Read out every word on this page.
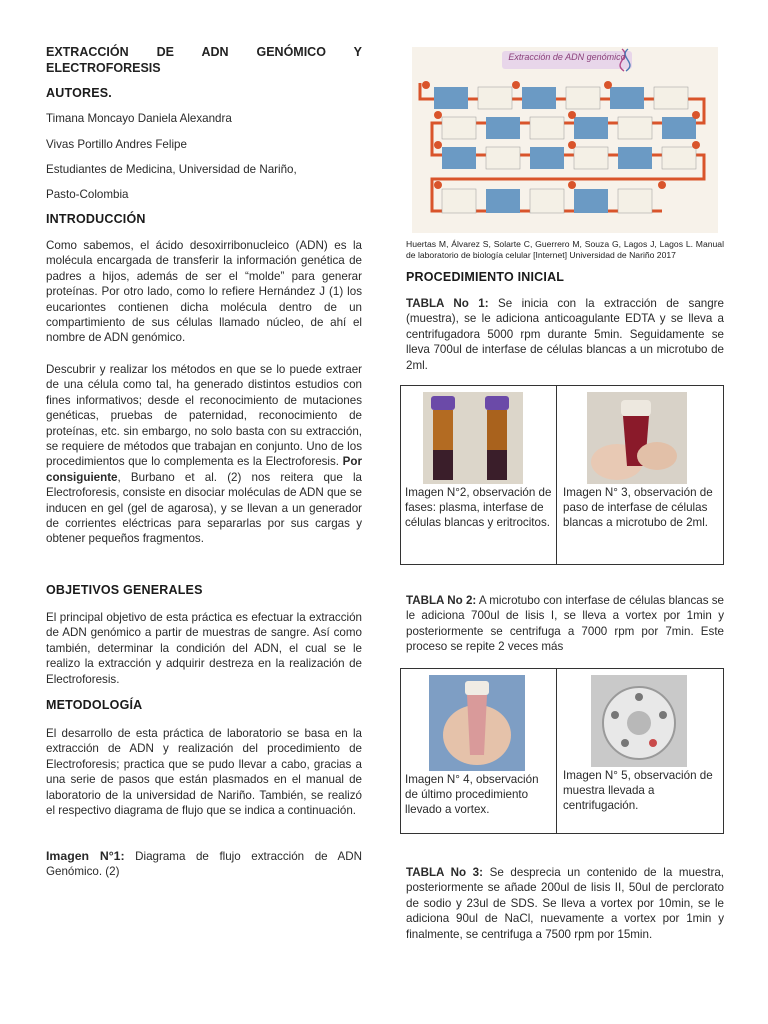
EXTRACCIÓN DE ADN GENÓMICO Y
ELECTROFORESIS
AUTORES.
Timana Moncayo Daniela Alexandra
Vivas Portillo Andres Felipe
Estudiantes de Medicina, Universidad de Nariño,
Pasto-Colombia
INTRODUCCIÓN

Como sabemos, el ácido desoxirribonucleico (ADN) es la molécula encargada de transferir la información genética de padres a hijos, además de ser el “molde” para generar proteínas. Por otro lado, como lo refiere Hernández J (1) los eucariontes contienen dicha molécula dentro de un compartimiento de sus células llamado núcleo, de ahí el nombre de ADN genómico.

Descubrir y realizar los métodos en que se lo puede extraer de una célula como tal, ha generado distintos estudios con fines informativos; desde el reconocimiento de mutaciones genéticas, pruebas de paternidad, reconocimiento de proteínas, etc. sin embargo, no solo basta con su extracción, se requiere de métodos que trabajan en conjunto. Uno de los procedimientos que lo complementa es la Electroforesis. Por consiguiente, Burbano et al. (2) nos reitera que la Electroforesis, consiste en disociar moléculas de ADN que se inducen en gel (gel de agarosa), y se llevan a un generador de corrientes eléctricas para separarlas por sus cargas y obtener pequeños fragmentos.

OBJETIVOS GENERALES

El principal objetivo de esta práctica es efectuar la extracción de ADN genómico a partir de muestras de sangre. Así como también, determinar la condición del ADN, el cual se le realizo la extracción y adquirir destreza en la realización de Electroforesis.

METODOLOGÍA

El desarrollo de esta práctica de laboratorio se basa en la extracción de ADN y realización del procedimiento de Electroforesis; practica que se pudo llevar a cabo, gracias a una serie de pasos que están plasmados en el manual de laboratorio de la universidad de Nariño. También, se realizó el respectivo diagrama de flujo que se indica a continuación.

Imagen N°1: Diagrama de flujo extracción de ADN Genómico. (2)

Extracción de ADN genómico
Huertas M, Álvarez S, Solarte C, Guerrero M, Souza G, Lagos J, Lagos L. Manual de laboratorio de biología celular [Internet] Universidad de Nariño 2017
PROCEDIMIENTO INICIAL

TABLA No 1: Se inicia con la extracción de sangre (muestra), se le adiciona anticoagulante EDTA y se lleva a centrifugadora 5000 rpm durante 5min. Seguidamente se lleva 700ul de interfase de células blancas a un microtubo de 2ml.

Imagen N°2, observación de fases: plasma, interfase de células blancas y eritrocitos.
Imagen N° 3, observación de paso de interfase de células blancas a microtubo de 2ml.

TABLA No 2: A microtubo con interfase de células blancas se le adiciona 700ul de lisis I, se lleva a vortex por 1min y posteriormente se centrifuga a 7000 rpm por 7min. Este proceso se repite 2 veces más

Imagen N° 4, observación de último procedimiento llevado a vortex.
Imagen N° 5, observación de muestra llevada a centrifugación.

TABLA No 3: Se desprecia un contenido de la muestra, posteriormente se añade 200ul de lisis II, 50ul de perclorato de sodio y 23ul de SDS. Se lleva a vortex por 10min, se le adiciona 90ul de NaCl, nuevamente a vortex por 1min y finalmente, se centrifuga a 7500 rpm por 15min.
